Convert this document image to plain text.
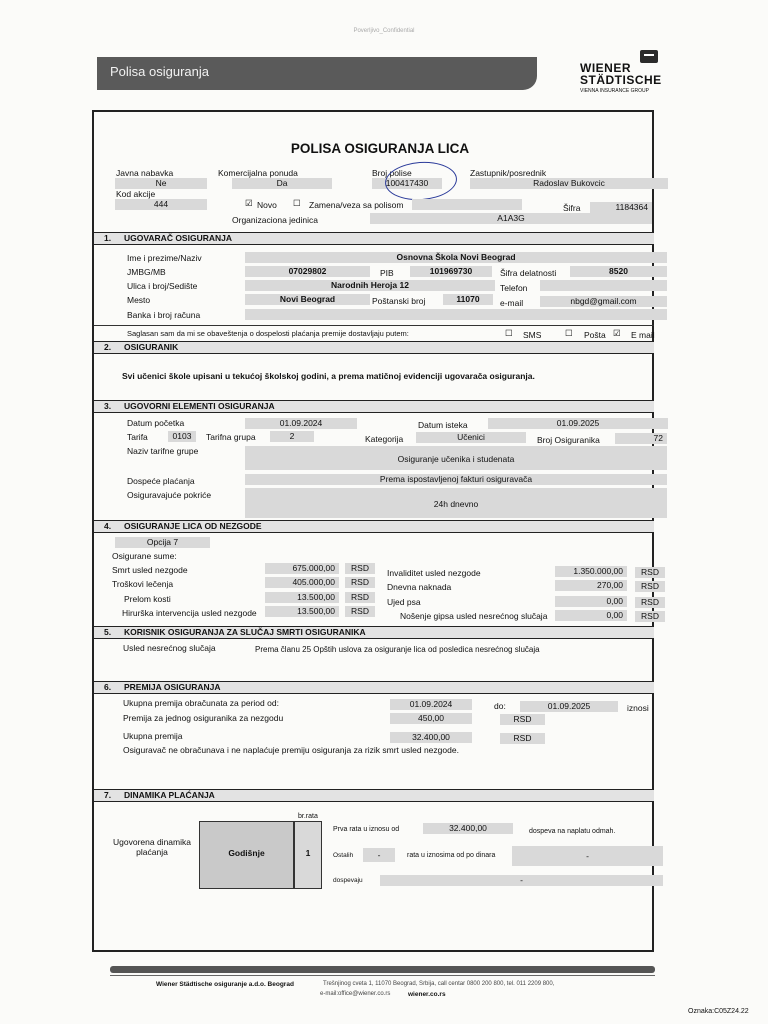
Poverljivo_Confidential
Polisa osiguranja	WIENER
STÄDTISCHE
VIENNA INSURANCE GROUP
POLISA OSIGURANJA LICA
Javna nabavka
Ne
Komercijalna ponuda
Da
Broj polise
100417430
Zastupnik/posrednik
Radoslav Bukovcic
Kod akcije
444	☑ Novo ☐ Zamena/veza sa polisom	Šifra	1184364
Organizaciona jedinica	A1A3G
1. UGOVARAČ OSIGURANJA
Ime i prezime/Naziv	Osnovna Škola Novi Beograd
JMBG/MB	07029802	PIB	101969730	Šifra delatnosti	8520
Ulica i broj/Sedište	Narodnih Heroja 12	Telefon
Mesto	Novi Beograd	Poštanski broj	11070	e-mail	nbgd@gmail.com
Banka i broj računa
Saglasan sam da mi se obaveštenja o dospelosti plaćanja premije dostavljaju putem:	☐ SMS	☐ Pošta ☑ E mail
2. OSIGURANIK
Svi učenici škole upisani u tekućoj školskoj godini, a prema matičnoj evidenciji ugovarača osiguranja.
3. UGOVORNI ELEMENTI OSIGURANJA
Datum početka	01.09.2024	Datum isteka	01.09.2025
Tarifa	0103	Tarifna grupa	2	Kategorija	Učenici	Broj Osiguranika	72
Naziv tarifne grupe
Osiguranje učenika i studenata
Dospeće plaćanja	Prema ispostavljenoj fakturi osiguravača
Osiguravajuće pokriće
24h dnevno
4. OSIGURANJE LICA OD NEZGODE
Opcija 7
Osigurane sume:
Smrt usled nezgode	675.000,00	RSD
Troškovi lečenja	405.000,00	RSD
Prelom kosti	13.500,00	RSD
Hirurška intervencija usled nezgode	13.500,00	RSD
Invaliditet usled nezgode	1.350.000,00	RSD
Dnevna naknada	270,00	RSD
Ujed psa	0,00	RSD
Nošenje gipsa usled nesrećnog slučaja	0,00	RSD
5. KORISNIK OSIGURANJA ZA SLUČAJ SMRTI OSIGURANIKA
Usled nesrećnog slučaja	Prema članu 25 Opštih uslova za osiguranje lica od posledica nesrećnog slučaja
6. PREMIJA OSIGURANJA
Ukupna premija obračunata za period od:	01.09.2024	do:	01.09.2025	iznosi
Premija za jednog osiguranika za nezgodu	450,00	RSD
Ukupna premija	32.400,00	RSD
Osiguravač ne obračunava i ne naplaćuje premiju osiguranja za rizik smrt usled nezgode.
7. DINAMIKA PLAĆANJA
br.rata
Ugovorena dinamika
plaćanja	Godišnje	1
Prva rata u iznosu od	32.400,00	dospeva na naplatu odmah.
Ostalih	-	rata u iznosima od po dinara	-
dospevaju	-
Wiener Städtische osiguranje a.d.o. Beograd	Trešnjinog cveta 1, 11070 Beograd, Srbija, call centar 0800 200 800, tel. 011 2209 800,
e-mail:office@wiener.co.rs	wiener.co.rs
Oznaka:C05Z24.22
